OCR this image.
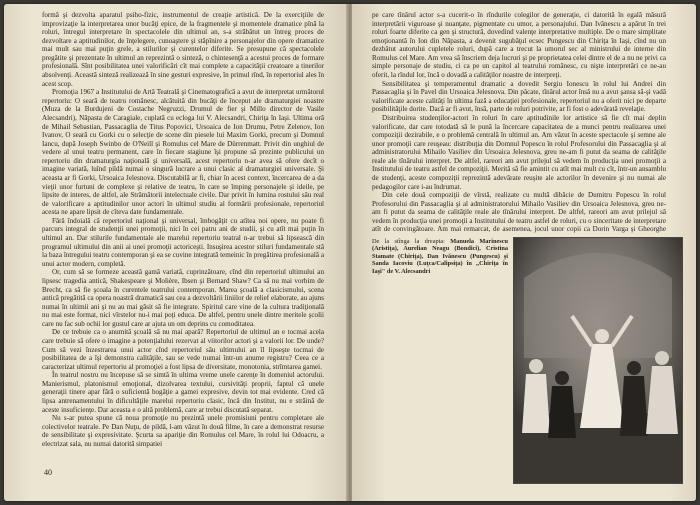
formă şi dezvolta aparatul psiho-fizic, instrumentul de creaţie artistică. De la exerciţiile de improvizaţie la interpretarea unor bucăţi epice, de la fragmentele şi momentele dramatice pînă la roluri, întregul interpretare în spectacolele din ultimul an, s-a străbătut un întreg proces de dezvoltare a aptitudinilor, de înţelegere, cunoaştere şi stăpînire a personajelor din opere dramatice mai mult sau mai puţin grele, a stilurilor şi curentelor diferite. Se presupune că spectacolele pregătite şi prezentate în ultimul an reprezintă o sinteză, o chintesenţă a acestui proces de formare profesională. Sînt posibilitatea unei valorificări cît mai complete a capacităţii creatoare a tinerilor absolvenţi. Această sinteză realizează în sine gesturi expresive, în primul rînd, în repertoriul ales în acest scop.

Promoţia 1967 a Institutului de Artă Teatrală şi Cinematografică a avut de interpretat următorul repertoriu: O seară de teatru românesc, alcătuită din bucăţi de început ale dramaturgiei noastre (Muza de la Burdujeni de Costache Negruzzi, Drumul de fier şi Millo director de Vasile Alecsandri), Năpasta de Caragiale, cuplată cu ecloga lui V. Alecsandri, Chiriţa în Iaşi. Ultima oră de Mihail Sebastian, Passacaglia de Titus Popovici, Ursoaica de Ion Drumu, Petre Zelenov, Ion Ivanov, O seară cu Gorki cu o selecţie de scene din piesele lui Maxim Gorki, precum şi Domnul Iancu, după Joseph Swinbo de O'Neill şi Romulus cel Mare de Dürrenmatt. Privit din unghiul de vedere al unui teatru permanent, care în fiecare stagiune îşi propune să prezinte publicului un repertoriu din dramaturgia naţională şi universală, acest repertoriu n-ar avea să ofere decît o imagine variată, luînd pildă numai o singură lucrare a unui clasic al dramaturgiei universale. Şi aceasta ar fi Gorki, Ursoaica Jelesnova. Discutabilă ar fi, chiar în acest context, încercarea de a da vieţii unor furtuni de complexe şi relative de teatru, în care se împing personajele şi ideile, pe lipsite de interes, de altfel, ale Strămătorii intelectuale civile. Dar privit în lumina rostului său real de valorificare a aptitudinilor unor actori în ultimul studiu al formării profesionale, repertoriul acesta ne apare lipsit de cîteva date fundamentale.

Fără îndoială că repertoriul naţional şi universal, îmbogăţit cu atîtea noi opere, nu poate fi parcurs integral de studenţii unei promoţii, nici în cei patru ani de studii, şi cu atît mai puţin în ultimul an. Dar stilurile fundamentale ale marelui repertoriu teatral n-ar trebui să lipsească din programul ultimului din anii ai unei promoţii actoriceşti. Insuşirea acestor stiluri fundamentale stă la baza întregului teatru contemporan şi ea se cuvine integrată temeinic în pregătirea profesională a unui actor modern, completă.

Or, cum să se formeze această gamă variată, cuprinzătoare, cînd din repertoriul ultimului an lipsesc tragedia antică, Shakespeare şi Molière, Ibsen şi Bernard Shaw? Ca să nu mai vorbim de Brecht, ca să fie şcoala în curentele teatrului contemporan. Marea şcoală a clasicismului, scena antică pregătită ca opera noastră dramatică sau cea a dezvoltării liniilor de relief elaborate, au ajuns numai în ultimii ani şi nu au mai găsit să fie integrate. Spiritul care vine de la cultura tradiţională nu mai este format, nici vîrstelor nu-i mai poţi educa. De altfel, pentru unele dintre meritele şcolii care nu fac sub ochii lor gustul care ar ajuta un om deprins cu comoditatea.

De ce trebuie ca o anumită şcoală să nu mai apară? Repertoriul de ultimul an e tocmai acela care trebuie să ofere o imagine a potenţialului rezervat al viitorilor actori şi a valorii lor. De unde? Cum să vezi înzestrarea unui actor cînd repertoriul său ultimului an îl lipseşte tocmai de posibilitatea de a îşi demonstra calităţile, sau se vede numai într-un anume registru? Ceea ce a caracterizat ultimul repertoriu al promoţiei a fost lipsa de diversitate, monotonia, strîmtarea gamei.

În teatrul nostru nu începuse să se simtă în ultima vreme unele carenţe în domeniul actorului. Manierismul, platonismul emoţional, dizolvarea textului, cursivităţi proprii, faptul că unele generaţii tinere apar fără o suficientă bogăţie a gamei expresive, devin tot mai evidente. Cred că lipsa antrenamentului în dificultăţile marelui repertoriu clasic, încă din Institut, nu e străină de aceste insuficienţe. Dar aceasta e o altă problemă, care ar trebui discutată separat.

Nu s-ar putea spune că noua promoţie nu prezintă unele promisiuni pentru completare ale colectivelor teatrale. Pe Dan Nuţu, de pildă, l-am văzut în două filme, în care a demonstrat resurse de sensibilitate şi expresivitate. Şcurta sa apariţie din Romulus cel Mare, în rolul lui Odoacru, a electrizat sala, nu numai datorită simpatiei

40

pe care tînărul actor s-a cucerit-o în rîndurile colegilor de generaţie, ci datorită în egală măsură interpretării viguroase şi nuanţate, pigmentate cu umor, a personajului. Dan Ivănescu a apărut în trei roluri foarte diferite ca gen şi structură, dovedind valenţe interpretative multiple. De o mare simplitate emoţionantă în Ion din Năpasta, a devenit sugubăţul ecsec Pungescu din Chiriţa în Iaşi, cînd nu un dezbătut autorului cupletele roluri, după care a trecut la umorul sec al ministrului de interne din Romulus cel Mare. Am vrea să înscriem deja lucruri şi pe proprietatea celei dintre el de a nu ne privi ca simple personaje de studiu, ci ca pe un capitol al teatrului românesc, cu nişte interpretări ce ne-au oferit, la rîndul lor, încă o dovadă a calităţilor noastre de interpreţi.

Sensibilitatea şi temperamentul dramatic a dovedit Sergiu Ionescu în rolul lui Andrei din Passacaglia şi în Pavel din Ursoaica Jelesnova. Din păcate, tînărul actor însă nu a avut şansa să-şi vadă valorificate aceste calităţi în ultima fază a educaţiei profesionale, repertoriul nu a oferit nici pe departe posibilităţile dorite. Dacă ar fi avut, însă, parte de roluri potrivite, ar fi fost o adevărată revelaţie.

Distribuirea studenţilor-actori în roluri în care aptitudinile lor artistice să fie cît mai deplin valorificate, dar care totodată să le pună la încercare capacitatea de a munci pentru realizarea unei compoziţii dezirabile, e o problemă centrală în ultimul an. Am văzut în aceste spectacole şi semne ale unor promoţii care reuşeau: distribuţia din Domnul Popescu în rolul Profesorului din Passacaglia şi al administratorului Mihailo Vasiliev din Ursoaica Jelesnova, greu ne-am fi putut da seama de calităţile reale ale tînărului interpret. De altfel, rareori am avut prilejul să vedem în producţia unei promoţii a Institutului de teatru astfel de compoziţii. Merită să fie amintit cu atît mai mult cu cît, într-un ansamblu de studenţi, aceste compoziţii reprezintă adevărate reuşite ale actorilor în devenire şi nu numai ale pedagogilor care i-au îndrumat.

Din cele două compoziţii de vîrstă, realizate cu multă dibăcie de Dumitru Popescu în rolul Profesorului din Passacaglia şi al administratorului Mihailo Vasiliev din Ursoaica Jelesnova, greu ne-am fi putut da seama de calităţile reale ale tînărului interpret. De altfel, rareori am avut prilejul să vedem în producţia unei promoţii a Institutului de teatru astfel de roluri, cu o sinceritate de interpretare atît de convingătoare. Am mai remarcat, de asemenea, jocul unor copii ca Dorin Varga şi Gheorghe

De la stînga la dreapta: Manuela Marinescu (Aristiţa), Aurelian Neagu (Bondici), Cristina Stamate (Chiriţa), Dan Ivănescu (Pungescu) şi Sanda Iacoviu (Luţca/Calipsiţa) în ,,Chiriţa în Iaşi" de V. Alecsandri
